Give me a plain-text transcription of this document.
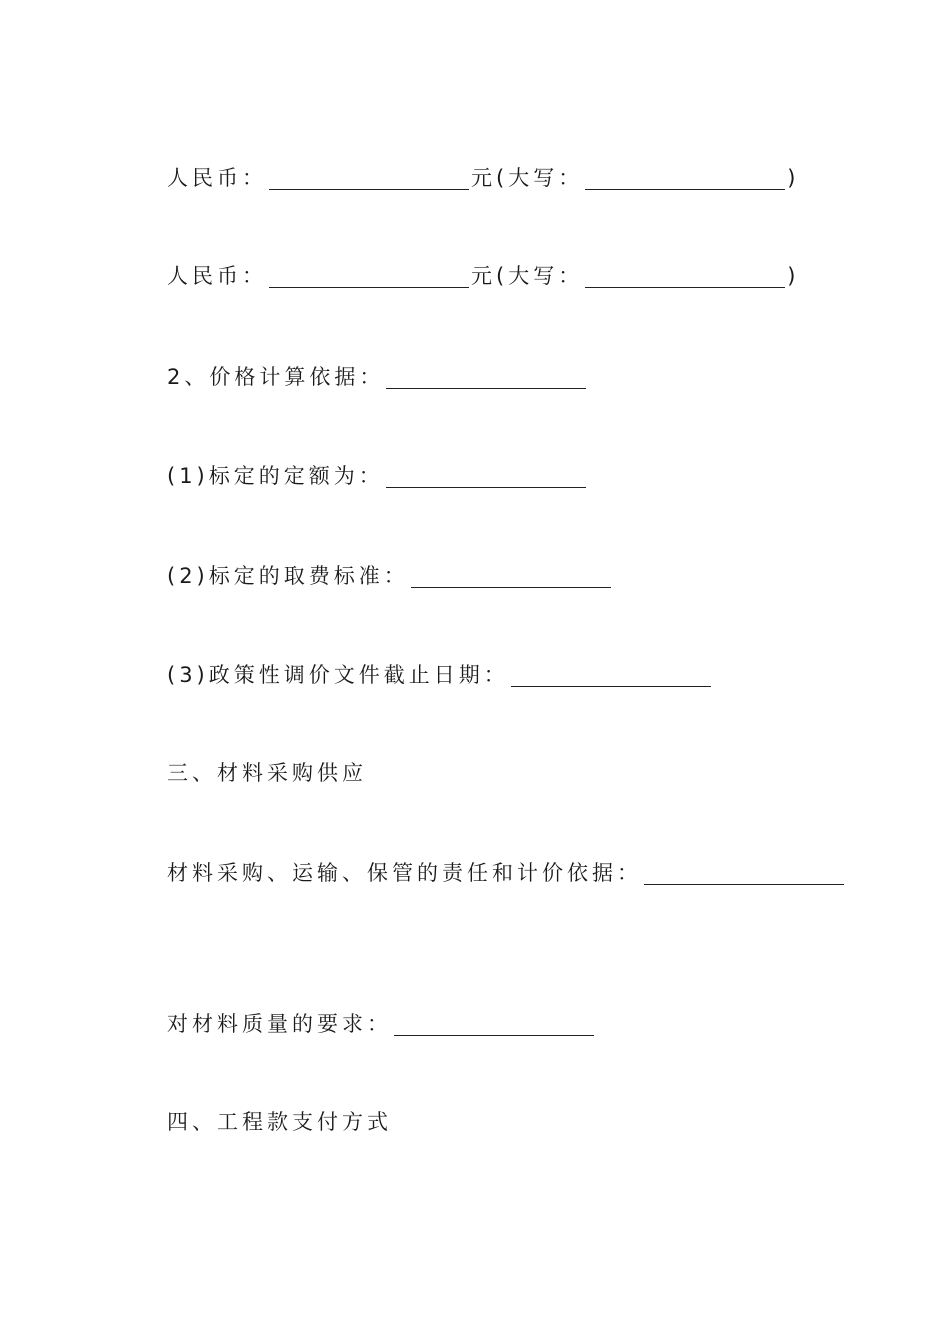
人民币：	元(大写：	)
人民币：	元(大写：	)
2、价格计算依据：
(1)标定的定额为：
(2)标定的取费标准：
(3)政策性调价文件截止日期：
三、材料采购供应
材料采购、运输、保管的责任和计价依据：
对材料质量的要求：
四、工程款支付方式
